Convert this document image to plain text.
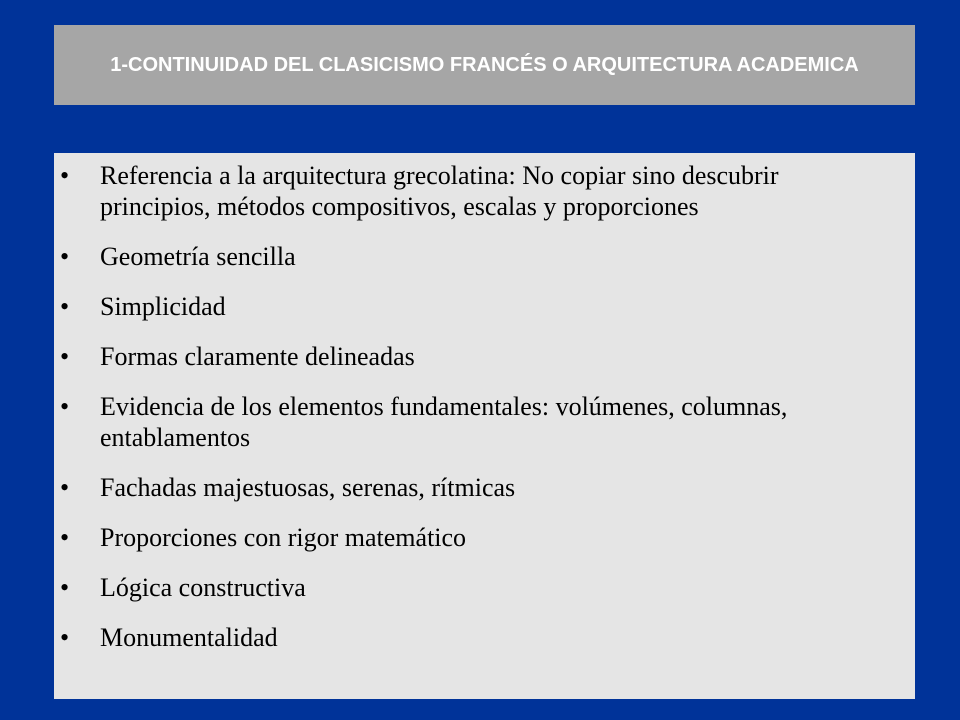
1-CONTINUIDAD DEL CLASICISMO FRANCÉS O ARQUITECTURA ACADEMICA

•	Referencia a la arquitectura grecolatina: No copiar sino descubrir principios, métodos compositivos, escalas y proporciones
•	Geometría sencilla
•	Simplicidad
•	Formas claramente delineadas
•	Evidencia de los elementos fundamentales: volúmenes, columnas, entablamentos
•	Fachadas majestuosas, serenas, rítmicas
•	Proporciones con rigor matemático
•	Lógica constructiva
•	Monumentalidad
